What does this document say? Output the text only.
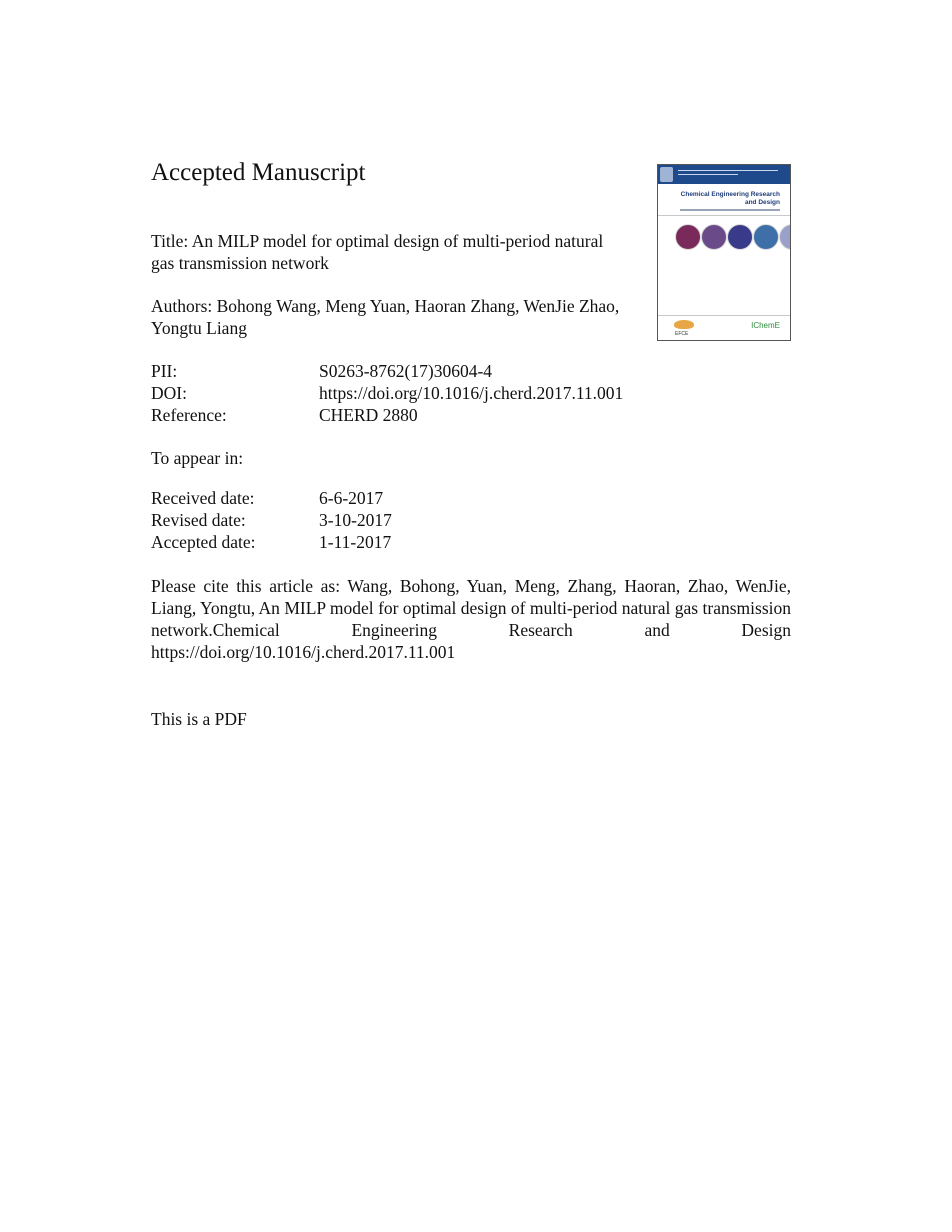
Accepted Manuscript
Title: An MILP model for optimal design of multi-period natural gas transmission network
Authors: Bohong Wang, Meng Yuan, Haoran Zhang, WenJie Zhao, Yongtu Liang
PII:	S0263-8762(17)30604-4
DOI:	https://doi.org/10.1016/j.cherd.2017.11.001
Reference:	CHERD 2880
To appear in:
Received date:	6-6-2017
Revised date:	3-10-2017
Accepted date:	1-11-2017
Please cite this article as: Wang, Bohong, Yuan, Meng, Zhang, Haoran, Zhao, WenJie, Liang, Yongtu, An MILP model for optimal design of multi-period natural gas transmission network.Chemical Engineering Research and Design https://doi.org/10.1016/j.cherd.2017.11.001
This is a PDF
Chemical Engineering Research and Design
EFCE
IChemE
